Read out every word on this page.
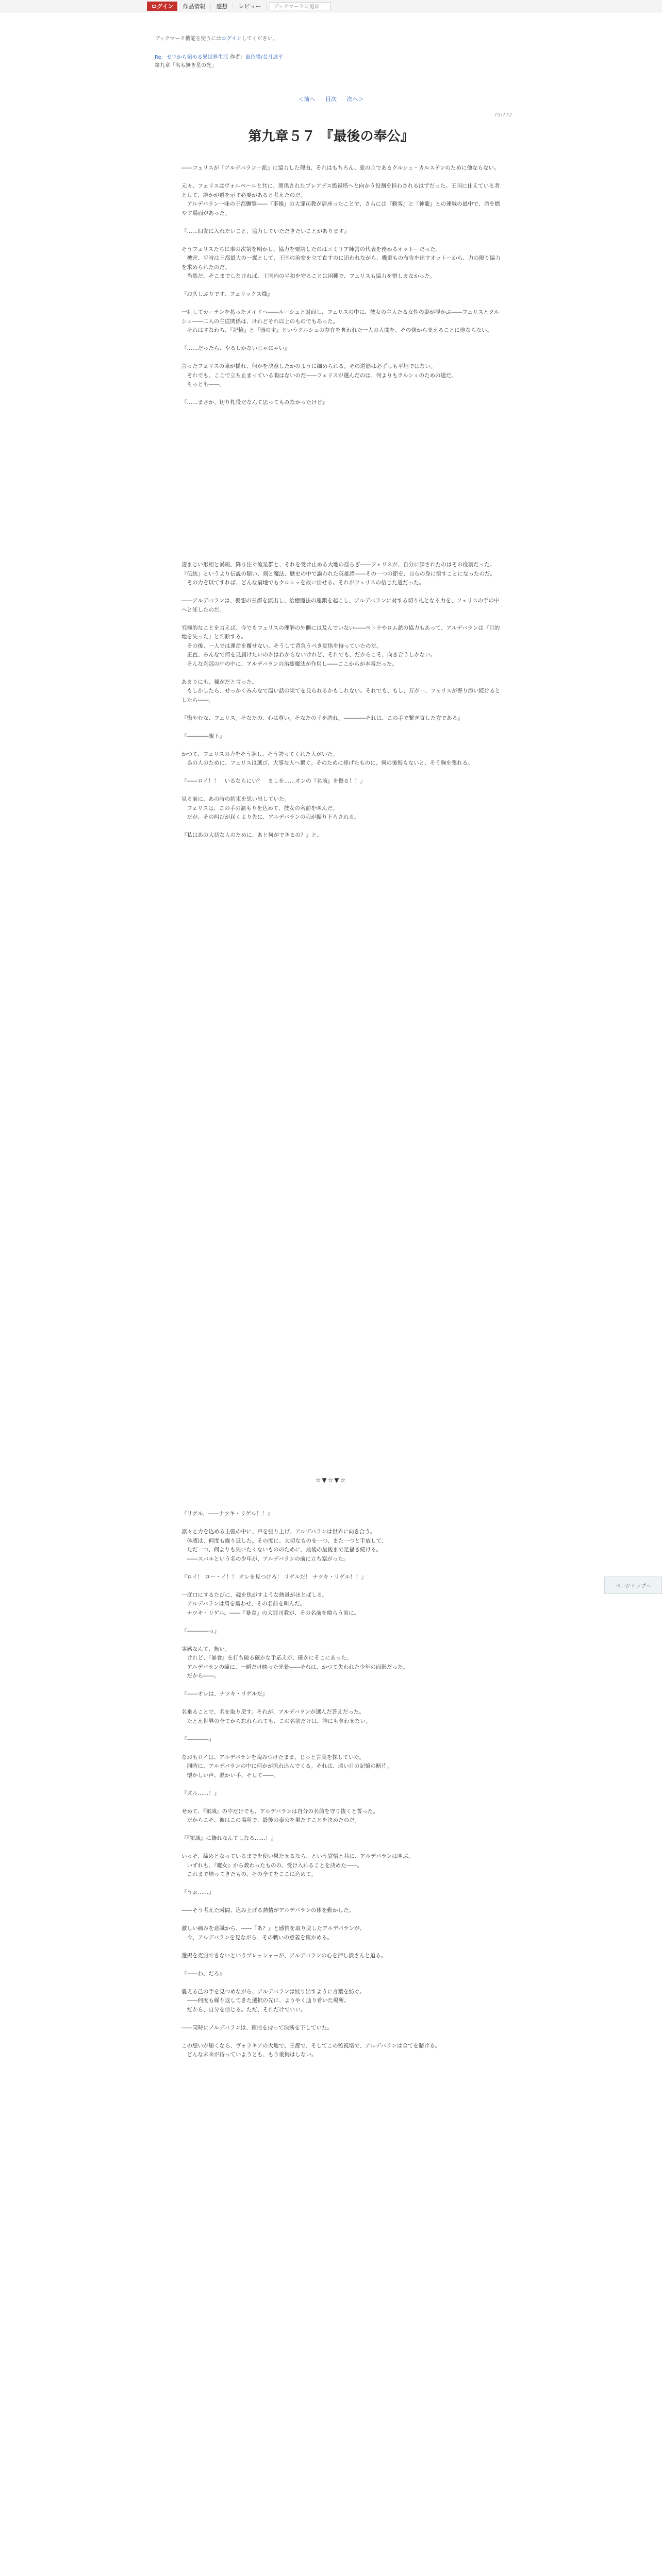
ログイン	作品情報	感想	レビュー	ブックマークに追加
ブックマーク機能を使うにはログインしてください。
Re：ゼロから始める異世界生活 作者：鼠色猫/長月達平
第九章「名も無き星の光」
＜前へ 目次 次へ＞
75/772
第九章５７ 『最後の奉公』

――フェリスが『アルデバラン一派』に協力した理由、それはもちろん、愛の主であるクルシュ・カルステンのために他ならない。

元々、フェリスはヴォルペールと共に、関係されたプレアデス監視塔へと向かう役割を担わされるはずだった。王国に仕えている者として、誰かが道を示す必要があると考えたのだ。

　アルデバラン一味の王都襲撃――『事後』の大罪司教が居座ったことで、さらには『刺客』と『神龍』との連戦の最中で、命を燃やす場面があった。

『……旧友に入れたいこと、協力していただきたいことがあります』

そうフェリスたちに事の次第を明かし、協力を要請したのはエミリア陣営の代表を務めるオットーだった。

　被害、平時は王都最大の一翼として、王国の治安を立て直すのに追われながら、幾重もの布告を出すオットーから、力の限り協力を求められたのだ。

　当然だ。そこまでしなければ、王国内の平和を守ることは困難で、フェリスも協力を惜しまなかった。

『お久しぶりです、フェリックス様』

一礼してカーテンを払ったメイドへ――ルーシュと対面し、フェリスの中に、彼女の主人たる女性の姿が浮かぶ――フェリスとクルシュ――二人の主従関係は、けれどそれ以上のものでもあった。

　それはすなわち、『記憶』と『器の主』というクルシュの存在を奪われた一人の人間を、その側から支えることに他ならない。

『……だったら、やるしかないじゃにゃい』

言ったフェリスの瞳が揺れ、何かを決意したかのように細められる。その道筋は必ずしも平坦ではない。

　それでも、ここで立ち止まっている暇はないのだ――フェリスが選んだのは、何よりもクルシュのための道だ。

　もっとも――。

『……まさか、切り札役だなんて思ってもみなかったけど』

凄まじい形相と暴風、降り注ぐ流星群と、それを受け止める大地の揺らぎ――フェリスが、自分に課されたのはその役割だった。

『伝統』というより伝説の類い、剣と魔法、歴史の中で謳われた英雄譚――その一つの節を、自らの身に宿すことになったのだ。

　その力を以てすれば、どんな窮地でもクルシュを救い出せる。それがフェリスの信じた道だった。

――アルデバランは、仮想の王都を演出し、治癒魔法の連鎖を起こし、アルデバランに対する切り札となる力を、フェリスの手の中へと託したのだ。

究極的なことを言えば、今でもフェリスの理解の外側には及んでいない――ペトラやロム爺の協力もあって、アルデバランは『目的地を失った』と判断する。

　その後、一人では運命を覆せない、そうして背負うべき覚悟を持っていたのだ。

　正直、みんなで何を見届けたいのかはわからないけれど、それでも、だからこそ、向き合うしかない。

　そんな刹那の中の中に、アルデバランの治癒魔法が作用し――ここからが本番だった。

あまりにも、種がだと言った。

　もしかしたら、せっかくみんなで温い話の果てを見られるかもしれない。それでも、もし、万が一、フェリスが寄り添い続けるとしたら――。

『悔やむな、フェリス。そなたの、心は尊い。そなたの子を誇れ。――――それは、この手で繋ぎ直した方である』

『――――親下』

かつて、フェリスの力をそう評し、そう誇ってくれた人がいた。

　あの人のために、フェリスは選び、大事な人へ繋ぐ。そのために捧げたものに、何の後悔もないと、そう胸を張れる。

『――ロイ！！　いるならにい？　ましを……オンの『名前』を傷る！！』

見る前に、あの時の約束を思い出していた。

　フェリスは、この手の温もりを込めて、彼女の名前を叫んだ。

　だが、その叫びが届くより先に、アルデバランの刃が振り下ろされる。

『私はあの大切な人のために、あと何ができるの？』と。

☆▼☆▼☆

『リゲル、――ナツキ・リゲル！！』

凛々と力を込める主張の中に、声を張り上げ、アルデバランは世界に向き合う。

　体感は、何度も繰り返した。その度に、大切なものを一つ、また一つと手放して、

　ただ一つ、何よりも失いたくないもののために、最後の最後まで足掻き続ける。

　――スバルという名の少年が、アルデバランの前に立ち塞がった。

『ロイ！ ロー・イ！！ オレを見つけろ！ リゲルだ！ ナツキ・リゲル！！』

一度口にするたびに、魂を焦がすような熱量がほとばしる。

　アルデバランは肩を震わせ、その名前を叫んだ。

　ナツキ・リゲル。――『暴食』の大罪司教が、その名前を喰らう前に。

『――――っ』

実感なんて、無い。

　けれど、『暴食』を打ち破る確かな手応えが、確かにそこにあった。

　アルデバランの瞳に、一瞬だけ映った光景――それは、かつて失われた少年の面影だった。

　だから――。

『――オレは、ナツキ・リゲルだ』

名乗ることで、名を取り戻す。それが、アルデバランが選んだ答えだった。

　たとえ世界の全てから忘れられても、この名前だけは、誰にも奪わせない。

『――――』

なおもロイは、アルデバランを睨みつけたまま、じっと言葉を探していた。

　同時に、アルデバランの中に何かが流れ込んでくる。それは、遠い日の記憶の断片。

　懐かしい声、温かい手、そして――。

『ズル……！』

せめて、『領域』の中だけでも、アルデバランは自分の名前を守り抜くと誓った。

　だからこそ、彼はこの場所で、最後の奉公を果たすことを決めたのだ。

『『領域』に飾れなんてしなる……！』

いっそ、締めとなっているまでを使い果たせるなら、という覚悟と共に、アルデバランは叫ぶ。

　いずれも、『魔女』から教わったものの、受け入れることを決めた――。

　これまで培ってきたもの、その全てをここに込めて。

『うぉ……』

――そう考えた瞬間、込み上げる熱情がアルデバランの体を動かした。

激しい痛みを意識から、――『あ？』と感情を取り戻したアルデバランが、

　今、アルデバランを見ながら、その戦いの意義を確かめる。

選択を克服できないというプレッシャーが、アルデバランの心を押し潰さんと迫る。

『――わ、だろ』

震える己の手を見つめながら、アルデバランは絞り出すように言葉を紡ぐ。

　――何度も繰り返してきた選択の先に、ようやく辿り着いた場所。

　だから、自分を信じる。ただ、それだけでいい。

――同時にアルデバランは、確信を持って決断を下していた。

この想いが届くなら、ヴォラキアの大地で、王都で、そしてこの監視塔で、アルデバランは全てを賭ける。

　どんな未来が待っていようとも、もう後悔はしない。

ページトップへ
